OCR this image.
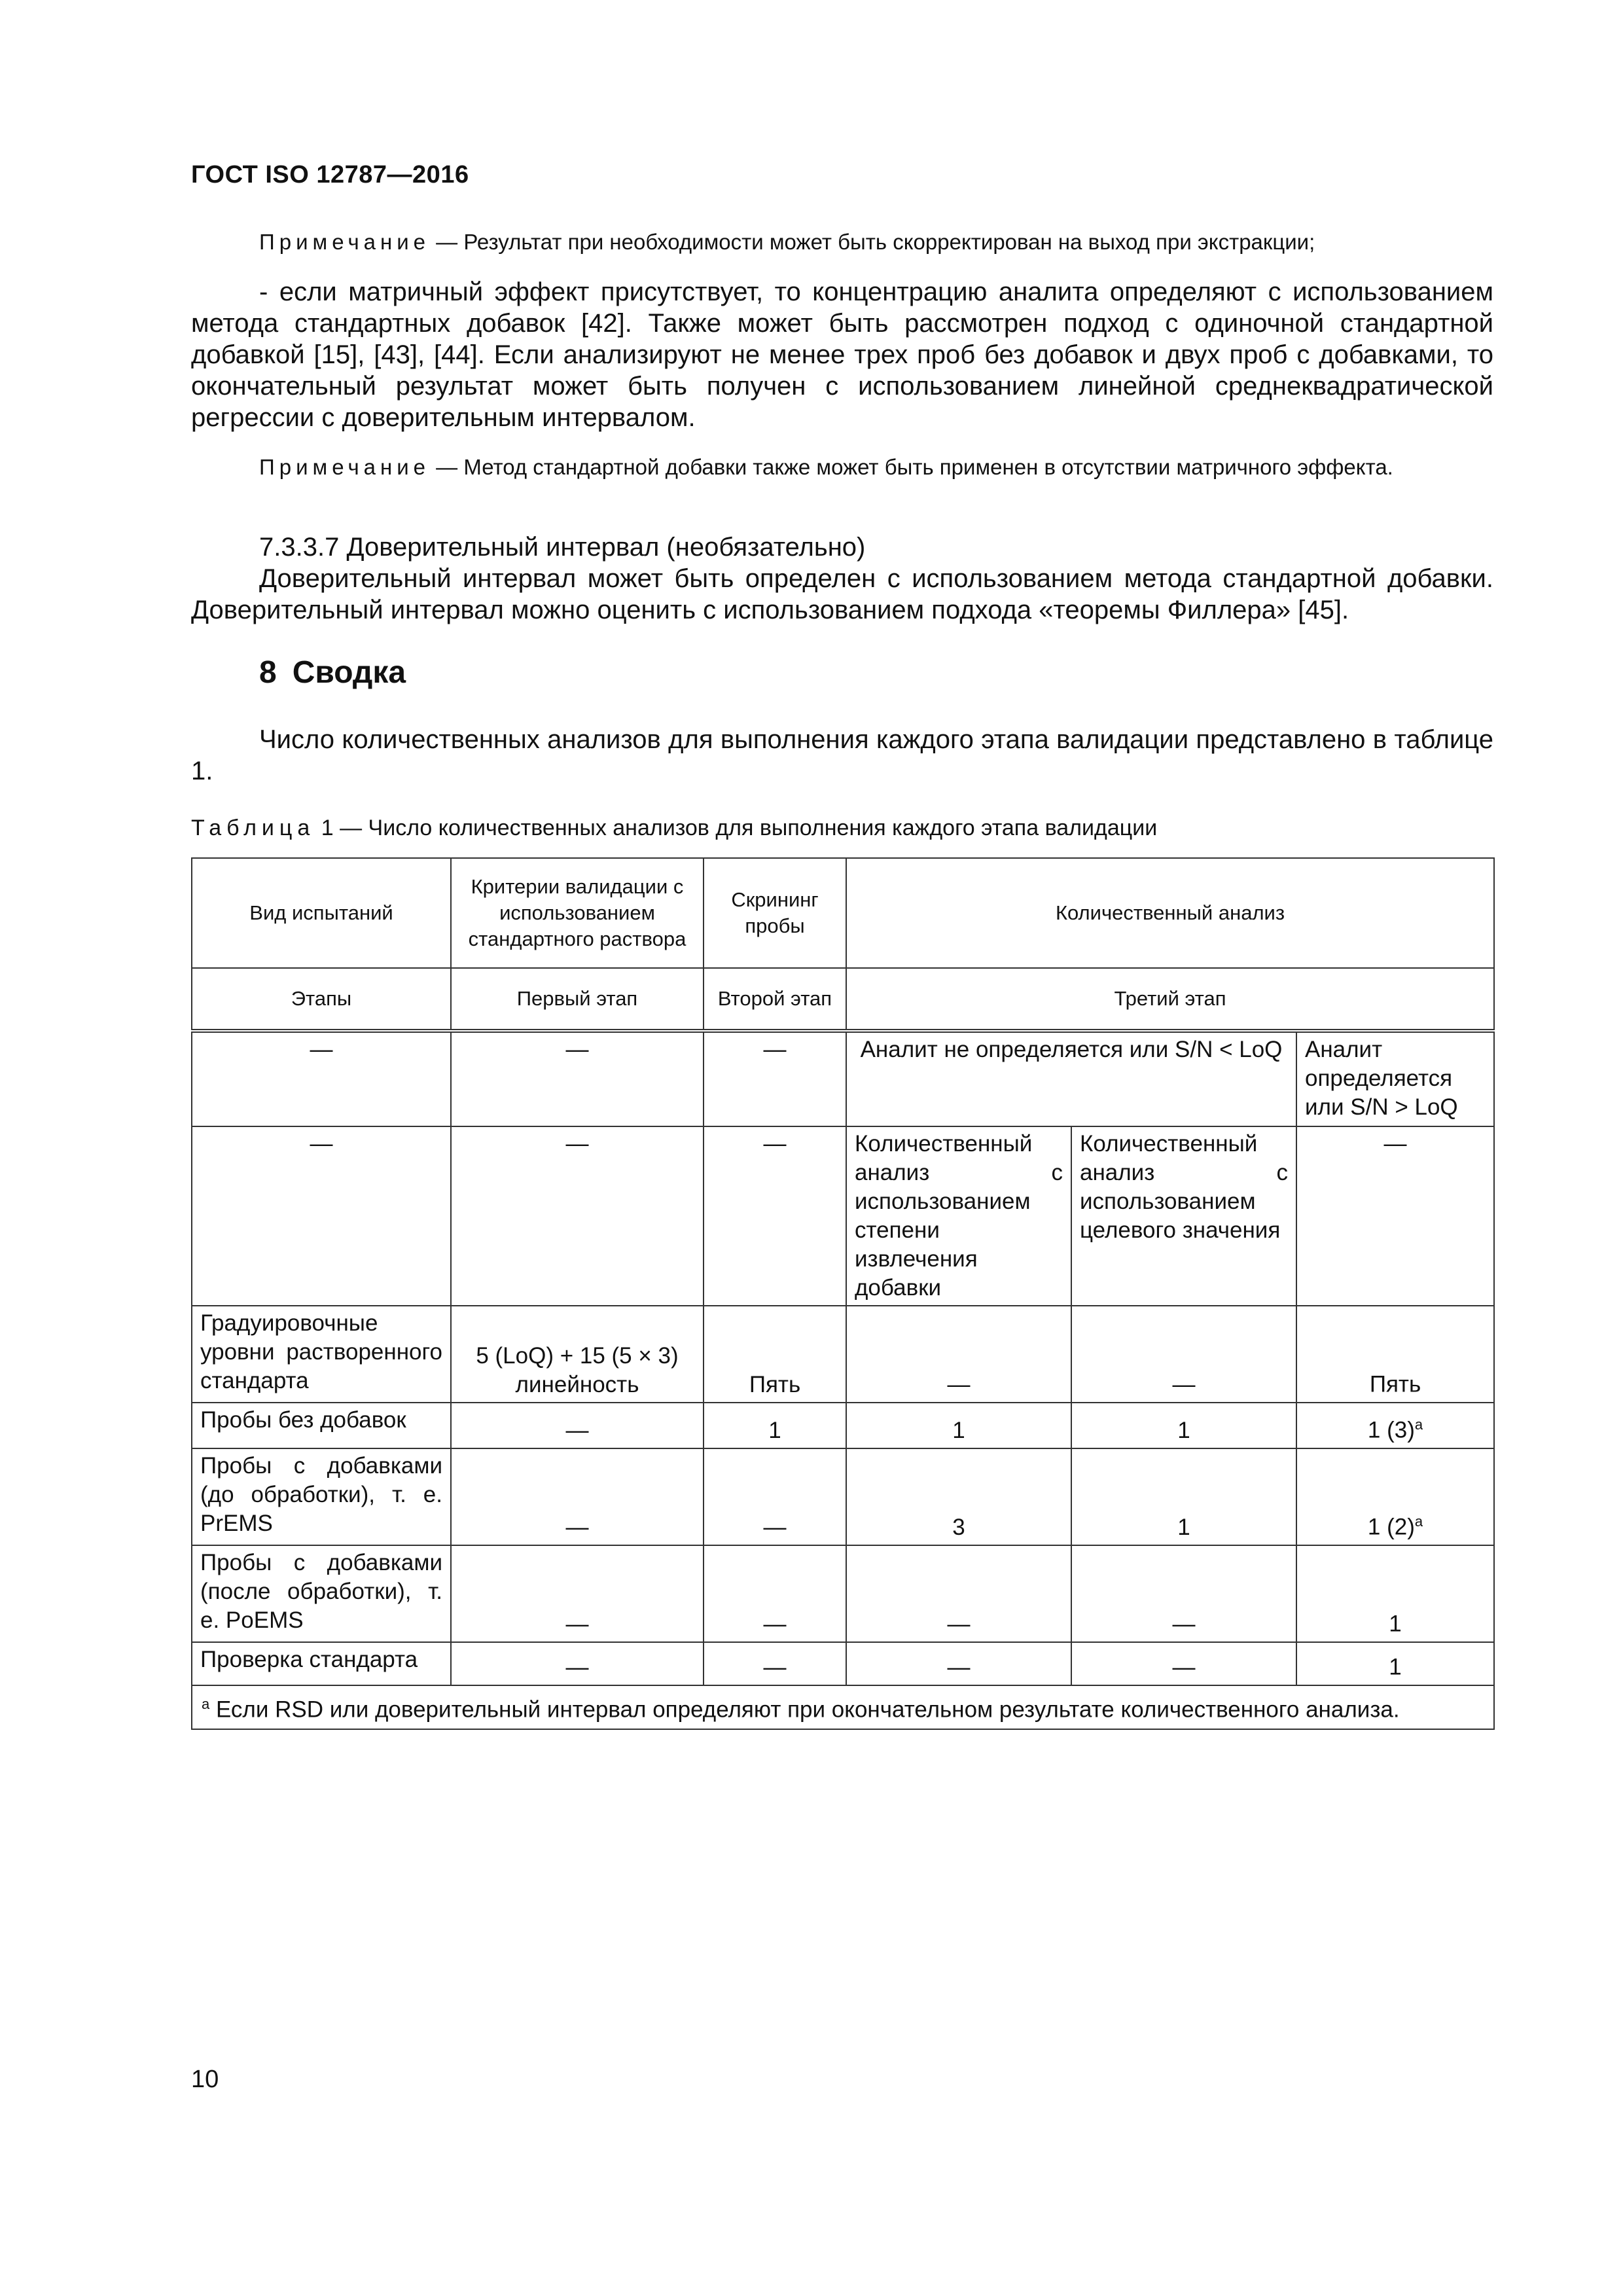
ГОСТ ISO 12787—2016
Примечание — Результат при необходимости может быть скорректирован на выход при экстракции;
- если матричный эффект присутствует, то концентрацию аналита определяют с использованием метода стандартных добавок [42]. Также может быть рассмотрен подход с одиночной стандартной добавкой [15], [43], [44]. Если анализируют не менее трех проб без добавок и двух проб с добавками, то окончательный результат может быть получен с использованием линейной среднеквадратической регрессии с доверительным интервалом.
Примечание — Метод стандартной добавки также может быть применен в отсутствии матричного эффекта.
7.3.3.7 Доверительный интервал (необязательно)
Доверительный интервал может быть определен с использованием метода стандартной добавки. Доверительный интервал можно оценить с использованием подхода «теоремы Филлера» [45].
8 Сводка
Число количественных анализов для выполнения каждого этапа валидации представлено в таблице 1.
Таблица 1 — Число количественных анализов для выполнения каждого этапа валидации
Вид испытаний	Критерии валидации с использованием стандартного раствора	Скрининг пробы	Количественный анализ		
Этапы	Первый этап	Второй этап	Третий этап		
—	—	—	Аналит не определяется или S/N < LoQ		Аналит определяется или S/N > LoQ
—	—	—	Количественный анализ с использованием степени извлечения добавки	Количественный анализ с использованием целевого значения	—
Градуировочные уровни растворенного стандарта	5 (LoQ) + 15 (5 × 3) линейность	Пять	—	—	Пять
Пробы без добавок	—	1	1	1	1 $(3)^a$
Пробы с добавками (до обработки), т. е. PrEMS	—	—	3	1	1 $(2)^a$
Пробы с добавками (после обработки), т. е. PoEMS	—	—	—	—	1
Проверка стандарта	—	—	—	—	1
$^a$ Если RSD или доверительный интервал определяют при окончательном результате количественного анализа.					
10
